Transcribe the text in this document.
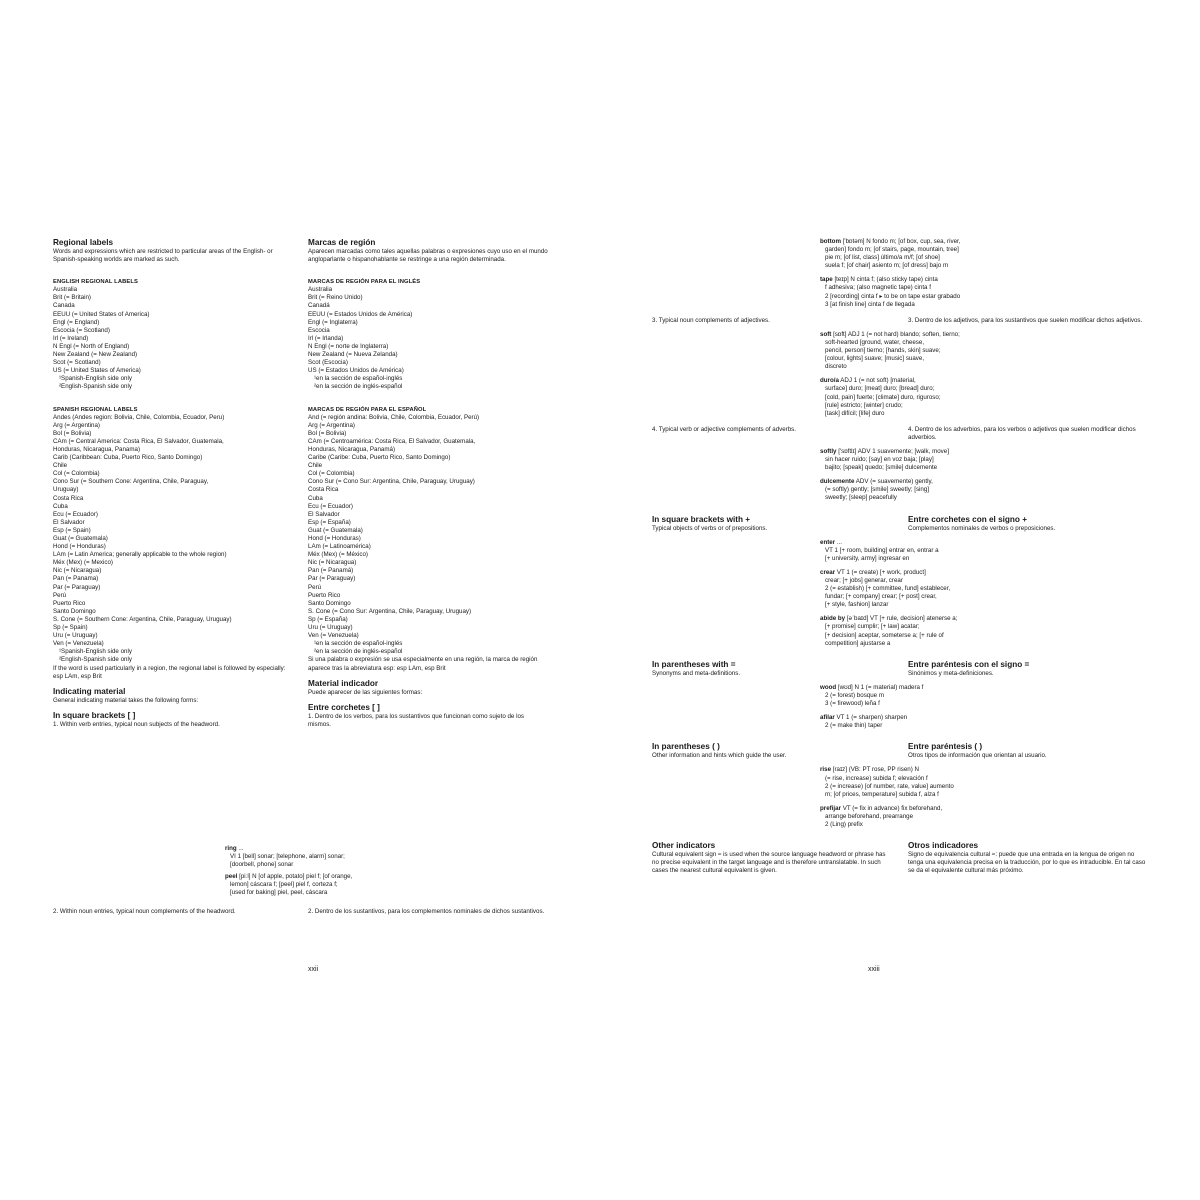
Regional labels
Words and expressions which are restricted to particular areas of the English- or Spanish-speaking worlds are marked as such.
ENGLISH REGIONAL LABELS
Australia
Brit (= Britain)
Canada
EEUU (= United States of America)
Engl (= England)
Escocia (= Scotland)
Irl (= Ireland)
N Engl (= North of England)
New Zealand (= New Zealand)
Scot (= Scotland)
US (= United States of America)
¹Spanish-English side only
²English-Spanish side only
SPANISH REGIONAL LABELS
Andes (Andes region: Bolivia, Chile, Colombia, Ecuador, Peru)
Arg (= Argentina)
Bol (= Bolivia)
CAm (= Central America: Costa Rica, El Salvador, Guatemala,
Honduras, Nicaragua, Panama)
Carib (Caribbean: Cuba, Puerto Rico, Santo Domingo)
Chile
Col (= Colombia)
Cono Sur (= Southern Cone: Argentina, Chile, Paraguay,
Uruguay)
Costa Rica
Cuba
Ecu (= Ecuador)
El Salvador
Esp (= Spain)
Guat (= Guatemala)
Hond (= Honduras)
LAm (= Latin America; generally applicable to the whole region)
Méx (Mex) (= Mexico)
Nic (= Nicaragua)
Pan (= Panama)
Par (= Paraguay)
Perú
Puerto Rico
Santo Domingo
S. Cone (= Southern Cone: Argentina, Chile, Paraguay, Uruguay)
Sp (= Spain)
Uru (= Uruguay)
Ven (= Venezuela)
¹Spanish-English side only
²English-Spanish side only
If the word is used particularly in a region, the regional label is followed by especially: esp LAm, esp Brit
Indicating material
General indicating material takes the following forms:
In square brackets [ ]
1. Within verb entries, typical noun subjects of the headword.
Marcas de región
Aparecen marcadas como tales aquellas palabras o expresiones cuyo uso en el mundo angloparlante o hispanohablante se restringe a una región determinada.
MARCAS DE REGIÓN PARA EL INGLÉS
Australia
Brit (= Reino Unido)
Canadá
EEUU (= Estados Unidos de América)
Engl (= Inglaterra)
Escocia
Irl (= Irlanda)
N Engl (= norte de Inglaterra)
New Zealand (= Nueva Zelanda)
Scot (Escocia)
US (= Estados Unidos de América)
¹en la sección de español-inglés
²en la sección de inglés-español
MARCAS DE REGIÓN PARA EL ESPAÑOL
And (= región andina: Bolivia, Chile, Colombia, Ecuador, Perú)
Arg (= Argentina)
Bol (= Bolivia)
CAm (= Centroamérica: Costa Rica, El Salvador, Guatemala,
Honduras, Nicaragua, Panamá)
Caribe (Caribe: Cuba, Puerto Rico, Santo Domingo)
Chile
Col (= Colombia)
Cono Sur (= Cono Sur: Argentina, Chile, Paraguay, Uruguay)
Costa Rica
Cuba
Ecu (= Ecuador)
El Salvador
Esp (= España)
Guat (= Guatemala)
Hond (= Honduras)
LAm (= Latinoamérica)
Méx (Mex) (= México)
Nic (= Nicaragua)
Pan (= Panamá)
Par (= Paraguay)
Perú
Puerto Rico
Santo Domingo
S. Cone (= Cono Sur: Argentina, Chile, Paraguay, Uruguay)
Sp (= España)
Uru (= Uruguay)
Ven (= Venezuela)
¹en la sección de español-inglés
²en la sección de inglés-español
Si una palabra o expresión se usa especialmente en una región, la marca de región aparece tras la abreviatura esp: esp LAm, esp Brit
Material indicador
Puede aparecer de las siguientes formas:
Entre corchetes [ ]
1. Dentro de los verbos, para los sustantivos que funcionan como sujeto de los mismos.
ring ...
VI 1 [bell] sonar; [telephone, alarm] sonar;
[doorbell, phone] sonar
peel [piːl] N [of apple, potato] piel f; [of orange,
lemon] cáscara f; [peel] piel f, corteza f;
[used for baking] piel, peel, cáscara
2. Within noun entries, typical noun complements of the headword.	2. Dentro de los sustantivos, para los complementos nominales de dichos sustantivos.
xxii
bottom ['bɒtəm] N fondo m; [of box, cup, sea, river,
garden] fondo m; [of stairs, page, mountain, tree]
pie m; [of list, class] último/a m/f; [of shoe]
suela f; [of chair] asiento m; [of dress] bajo m
tape [teɪp] N cinta f; (also sticky tape) cinta
f adhesiva; (also magnetic tape) cinta f
2 [recording] cinta f ▸ to be on tape estar grabado
3 [at finish line] cinta f de llegada
3. Typical noun complements of adjectives.	3. Dentro de los adjetivos, para los sustantivos que suelen modificar dichos adjetivos.
soft [sɒft] ADJ 1 (= not hard) blando; soften, tierno;
soft-hearted [ground, water, cheese,
pencil, person] tierno; [hands, skin] suave;
[colour, lights] suave; [music] suave,
discreto
duro/a ADJ 1 (= not soft) [material,
surface] duro; [meat] duro; [bread] duro;
[cold, pain] fuerte; [climate] duro, riguroso;
[rule] estricto; [winter] crudo;
[task] difícil; [life] duro
4. Typical verb or adjective complements of adverbs.	4. Dentro de los adverbios, para los verbos o adjetivos que suelen modificar dichos adverbios.
softly ['sɒftlɪ] ADV 1 suavemente; [walk, move]
sin hacer ruido; [say] en voz baja; [play]
bajito; [speak] quedo; [smile] dulcemente
dulcemente ADV (= suavemente) gently,
(= softly) gently; [smile] sweetly; [sing]
sweetly; [sleep] peacefully
In square brackets with +
Typical objects of verbs or of prepositions.
Entre corchetes con el signo +
Complementos nominales de verbos o preposiciones.
enter ...
VT 1 [+ room, building] entrar en, entrar a
[+ university, army] ingresar en
crear VT 1 (= create) [+ work, product]
crear; [+ jobs] generar, crear
2 (= establish) [+ committee, fund] establecer,
fundar; [+ company] crear; [+ post] crear,
[+ style, fashion] lanzar
abide by [əˈbaɪd] VT [+ rule, decision] atenerse a;
[+ promise] cumplir; [+ law] acatar;
[+ decision] aceptar, someterse a; [+ rule of
competition] ajustarse a
In parentheses with =
Synonyms and meta-definitions.
Entre paréntesis con el signo =
Sinónimos y meta-definiciones.
wood [wʊd] N 1 (= material) madera f
2 (= forest) bosque m
3 (= firewood) leña f
afilar VT 1 (= sharpen) sharpen
2 (= make thin) taper
In parentheses ( )
Other information and hints which guide the user.
Entre paréntesis ( )
Otros tipos de información que orientan al usuario.
rise [raɪz] (VB: PT rose, PP risen) N
(= rise, increase) subida f; elevación f
2 (= increase) [of number, rate, value] aumento
m; [of prices, temperature] subida f, alza f
prefijar VT (= fix in advance) fix beforehand,
arrange beforehand, prearrange
2 (Ling) prefix
Other indicators
Cultural equivalent sign ≈ is used when the source language headword or phrase has no precise equivalent in the target language and is therefore untranslatable. In such cases the nearest cultural equivalent is given.
Otros indicadores
Signo de equivalencia cultural ≈: puede que una entrada en la lengua de origen no tenga una equivalencia precisa en la traducción, por lo que es intraducible. En tal caso se da el equivalente cultural más próximo.
xxiii
